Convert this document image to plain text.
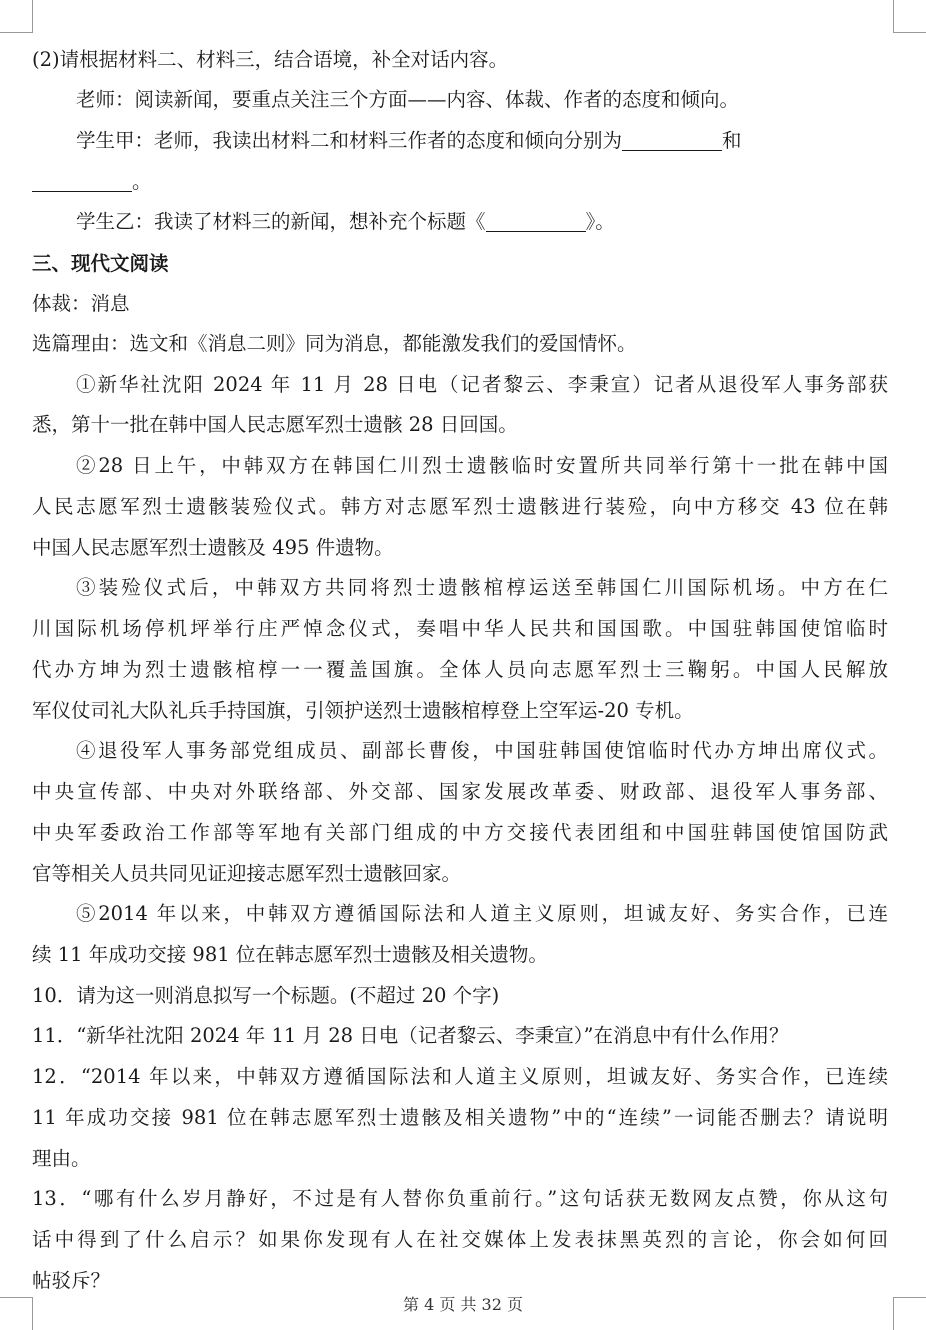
(2)请根据材料二、材料三，结合语境，补全对话内容。
老师：阅读新闻，要重点关注三个方面——内容、体裁、作者的态度和倾向。
学生甲：老师，我读出材料二和材料三作者的态度和倾向分别为	和
。
学生乙：我读了材料三的新闻，想补充个标题《	》。
三、现代文阅读
体裁：消息
选篇理由：选文和《消息二则》同为消息，都能激发我们的爱国情怀。
①新华社沈阳 2024 年 11 月 28 日电（记者黎云、李秉宣）记者从退役军人事务部获
悉，第十一批在韩中国人民志愿军烈士遗骸 28 日回国。
②28 日上午，中韩双方在韩国仁川烈士遗骸临时安置所共同举行第十一批在韩中国
人民志愿军烈士遗骸装殓仪式。韩方对志愿军烈士遗骸进行装殓，向中方移交 43 位在韩
中国人民志愿军烈士遗骸及 495 件遗物。
③装殓仪式后，中韩双方共同将烈士遗骸棺椁运送至韩国仁川国际机场。中方在仁
川国际机场停机坪举行庄严悼念仪式，奏唱中华人民共和国国歌。中国驻韩国使馆临时
代办方坤为烈士遗骸棺椁一一覆盖国旗。全体人员向志愿军烈士三鞠躬。中国人民解放
军仪仗司礼大队礼兵手持国旗，引领护送烈士遗骸棺椁登上空军运-20 专机。
④退役军人事务部党组成员、副部长曹俊，中国驻韩国使馆临时代办方坤出席仪式。
中央宣传部、中央对外联络部、外交部、国家发展改革委、财政部、退役军人事务部、
中央军委政治工作部等军地有关部门组成的中方交接代表团组和中国驻韩国使馆国防武
官等相关人员共同见证迎接志愿军烈士遗骸回家。
⑤2014 年以来，中韩双方遵循国际法和人道主义原则，坦诚友好、务实合作，已连
续 11 年成功交接 981 位在韩志愿军烈士遗骸及相关遗物。
10．请为这一则消息拟写一个标题。(不超过 20 个字)
11．“新华社沈阳 2024 年 11 月 28 日电（记者黎云、李秉宣）”在消息中有什么作用？
12．“2014 年以来，中韩双方遵循国际法和人道主义原则，坦诚友好、务实合作，已连续
11 年成功交接 981 位在韩志愿军烈士遗骸及相关遗物”中的“连续”一词能否删去？请说明
理由。
13．“哪有什么岁月静好，不过是有人替你负重前行。”这句话获无数网友点赞，你从这句
话中得到了什么启示？如果你发现有人在社交媒体上发表抹黑英烈的言论，你会如何回
帖驳斥？
第 4 页 共 32 页
